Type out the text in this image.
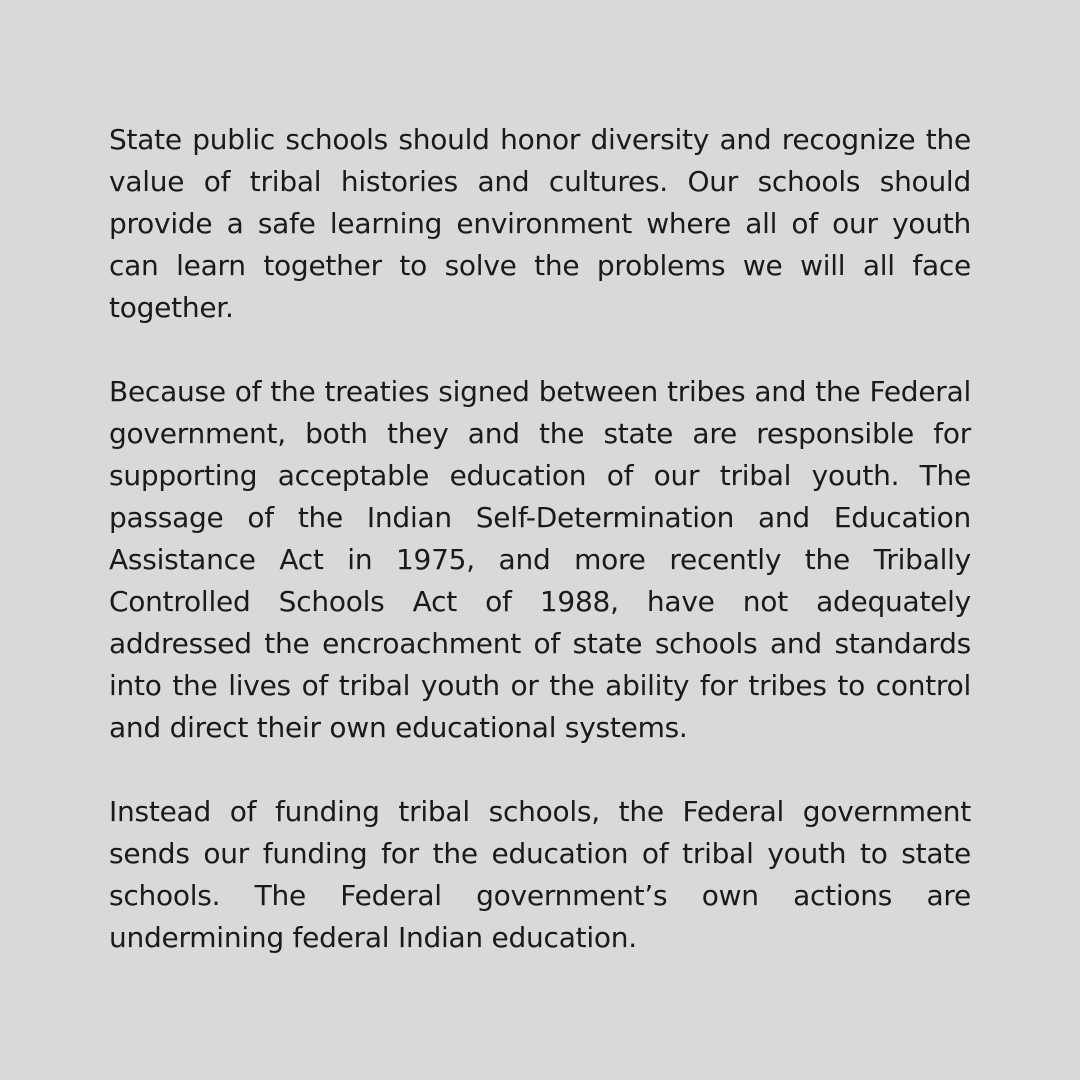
State public schools should honor diversity and recognize the value of tribal histories and cultures. Our schools should provide a safe learning environment where all of our youth can learn together to solve the problems we will all face together.

Because of the treaties signed between tribes and the Federal government, both they and the state are responsible for supporting acceptable education of our tribal youth. The passage of the Indian Self-Determination and Education Assistance Act in 1975, and more recently the Tribally Controlled Schools Act of 1988, have not adequately addressed the encroachment of state schools and standards into the lives of tribal youth or the ability for tribes to control and direct their own educational systems.

Instead of funding tribal schools, the Federal government sends our funding for the education of tribal youth to state schools. The Federal government’s own actions are undermining federal Indian education.
